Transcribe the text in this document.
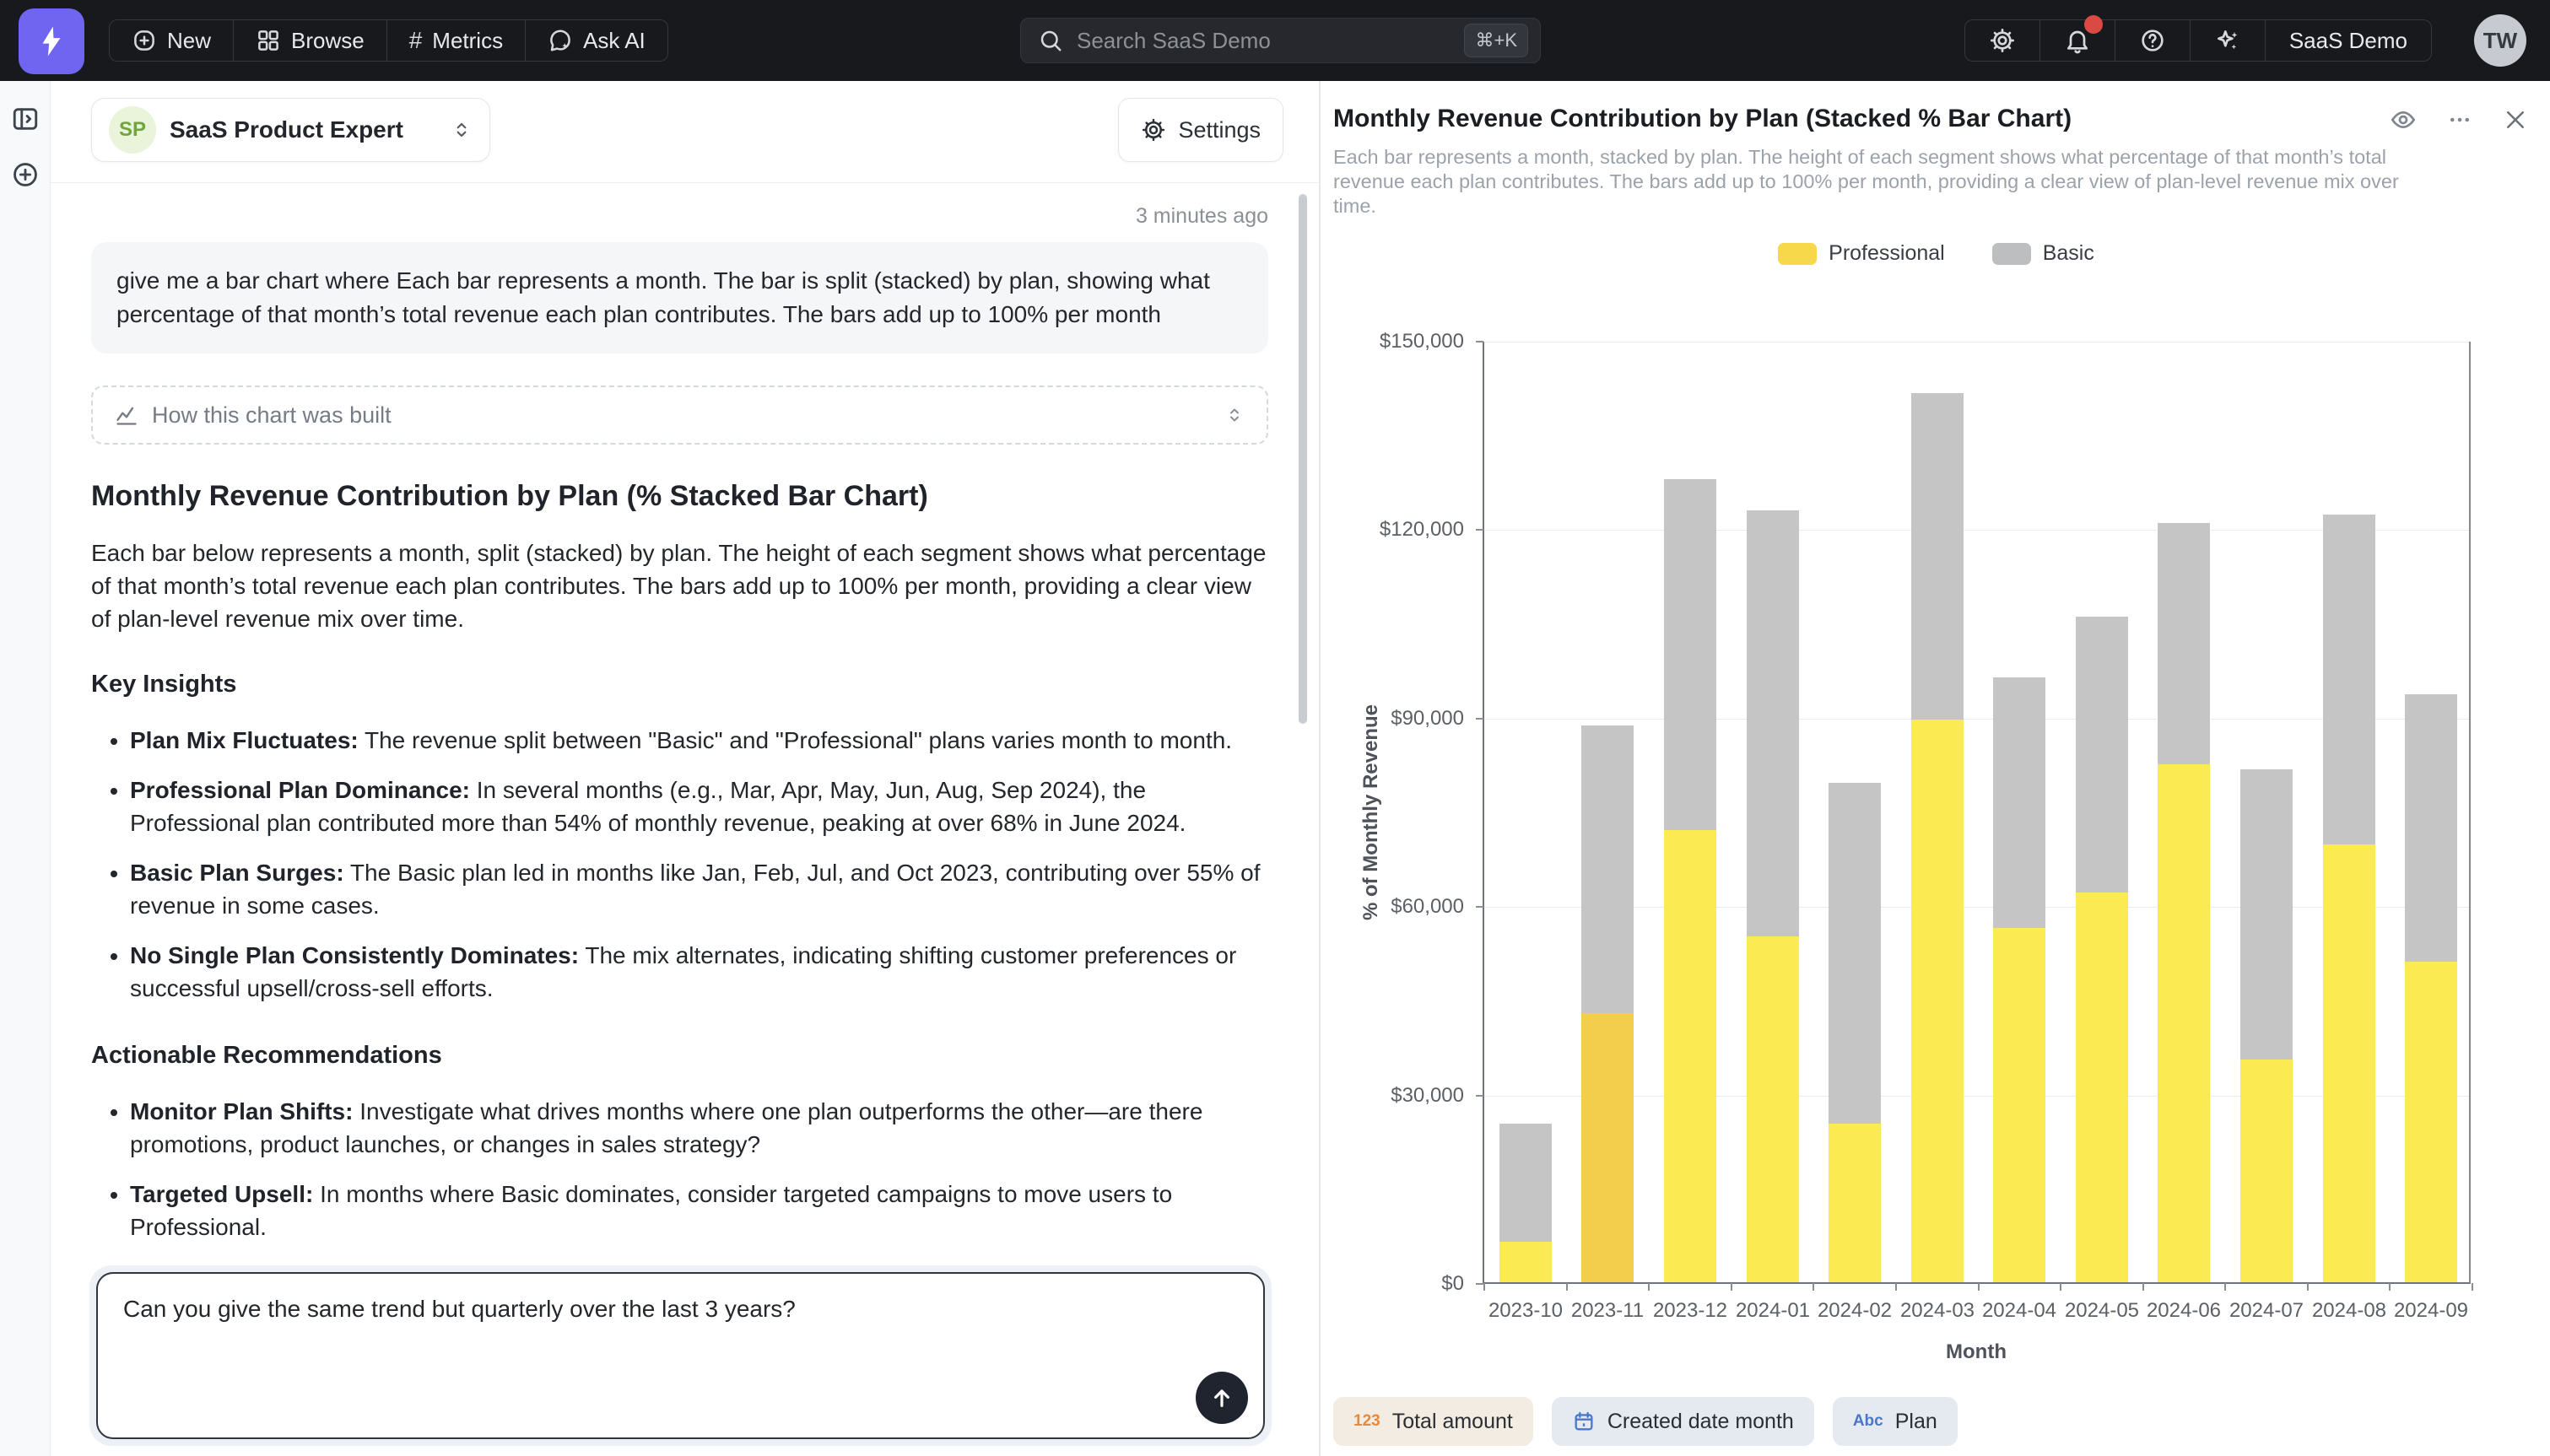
New	Browse # Metrics	Ask AI	Search SaaS Demo	⌘+K	SaaS Demo	TW
SP	SaaS Product Expert	Settings
3 minutes ago
give me a bar chart where Each bar represents a month. The bar is split (stacked) by plan, showing what percentage of that month’s total revenue each plan contributes. The bars add up to 100% per month
How this chart was built
Monthly Revenue Contribution by Plan (% Stacked Bar Chart)

Each bar below represents a month, split (stacked) by plan. The height of each segment shows what percentage of that month’s total revenue each plan contributes. The bars add up to 100% per month, providing a clear view of plan-level revenue mix over time.

Key Insights
• Plan Mix Fluctuates: The revenue split between "Basic" and "Professional" plans varies month to month.
• Professional Plan Dominance: In several months (e.g., Mar, Apr, May, Jun, Aug, Sep 2024), the Professional plan contributed more than 54% of monthly revenue, peaking at over 68% in June 2024.
• Basic Plan Surges: The Basic plan led in months like Jan, Feb, Jul, and Oct 2023, contributing over 55% of revenue in some cases.
• No Single Plan Consistently Dominates: The mix alternates, indicating shifting customer preferences or successful upsell/cross-sell efforts.
Actionable Recommendations
• Monitor Plan Shifts: Investigate what drives months where one plan outperforms the other—are there promotions, product launches, or changes in sales strategy?
• Targeted Upsell: In months where Basic dominates, consider targeted campaigns to move users to Professional.
•

Can you give the same trend but quarterly over the last 3 years?
Monthly Revenue Contribution by Plan (Stacked % Bar Chart)
Each bar represents a month, stacked by plan. The height of each segment shows what percentage of that month’s total revenue each plan contributes. The bars add up to 100% per month, providing a clear view of plan-level revenue mix over time.
Professional	Basic
% of Monthly Revenue
$150,000
$120,000
$90,000
$60,000
$30,000
$0
2023-10 2023-11 2023-12 2024-01 2024-02 2024-03 2024-04 2024-05 2024-06 2024-07 2024-08 2024-09
Month
123 Total amount	Created date month	Abc Plan
